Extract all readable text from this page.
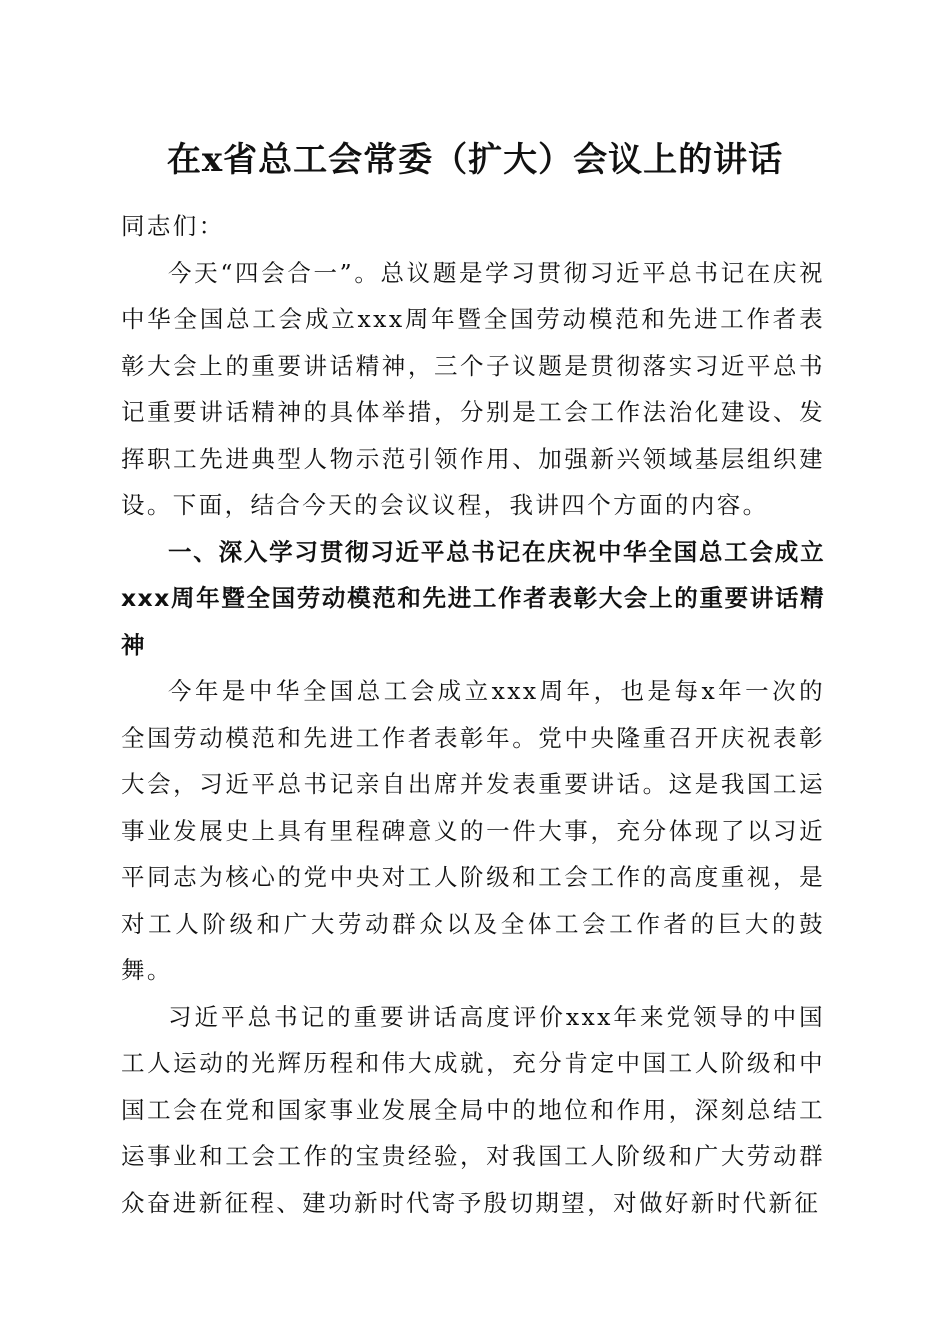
在x省总工会常委（扩大）会议上的讲话

同志们：

今天“四会合一”。总议题是学习贯彻习近平总书记在庆祝中华全国总工会成立xxx周年暨全国劳动模范和先进工作者表彰大会上的重要讲话精神，三个子议题是贯彻落实习近平总书记重要讲话精神的具体举措，分别是工会工作法治化建设、发挥职工先进典型人物示范引领作用、加强新兴领域基层组织建设。下面，结合今天的会议议程，我讲四个方面的内容。

一、深入学习贯彻习近平总书记在庆祝中华全国总工会成立xxx周年暨全国劳动模范和先进工作者表彰大会上的重要讲话精神

今年是中华全国总工会成立xxx周年，也是每x年一次的全国劳动模范和先进工作者表彰年。党中央隆重召开庆祝表彰大会，习近平总书记亲自出席并发表重要讲话。这是我国工运事业发展史上具有里程碑意义的一件大事，充分体现了以习近平同志为核心的党中央对工人阶级和工会工作的高度重视，是对工人阶级和广大劳动群众以及全体工会工作者的巨大的鼓舞。

习近平总书记的重要讲话高度评价xxx年来党领导的中国工人运动的光辉历程和伟大成就，充分肯定中国工人阶级和中国工会在党和国家事业发展全局中的地位和作用，深刻总结工运事业和工会工作的宝贵经验，对我国工人阶级和广大劳动群众奋进新征程、建功新时代寄予殷切期望，对做好新时代新征
